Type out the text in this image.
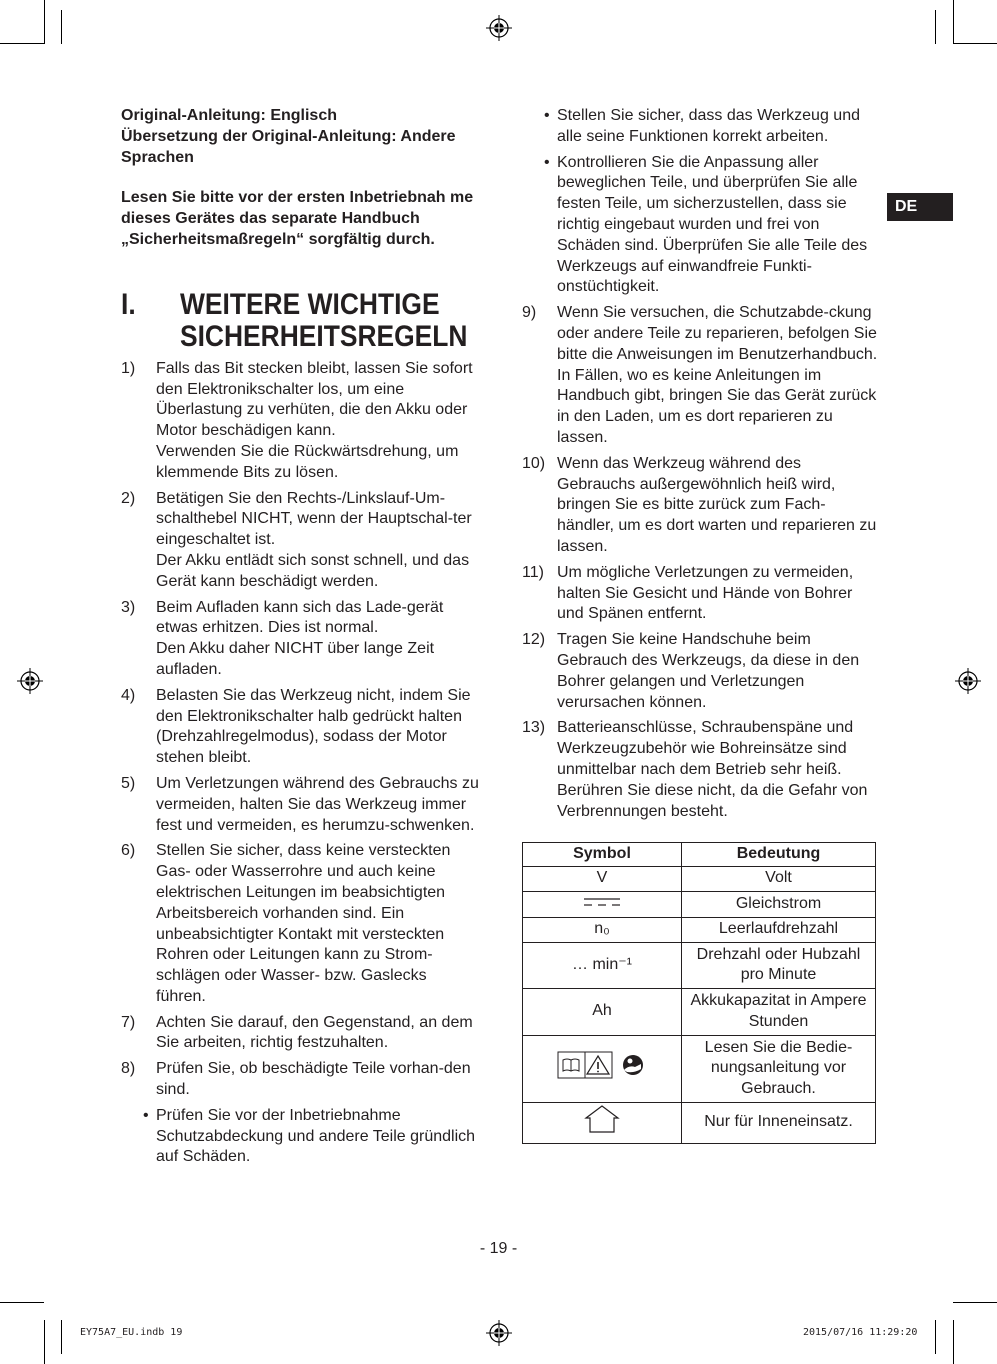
DE

Original-Anleitung: Englisch

Übersetzung der Original-Anleitung: Andere Sprachen

Lesen Sie bitte vor der ersten Inbetriebnah me dieses Gerätes das separate Handbuch „Sicherheitsmaßregeln“ sorgfältig durch.

I.	WEITERE WICHTIGE
SICHERHEITSREGELN
1)	Falls das Bit stecken bleibt, lassen Sie sofort den Elektronikschalter los, um eine Überlastung zu verhüten, die den Akku oder Motor beschädigen kann.
Verwenden Sie die Rückwärtsdrehung, um klemmende Bits zu lösen.
2)	Betätigen Sie den Rechts-/Linkslauf-Um-schalthebel NICHT, wenn der Hauptschal-ter eingeschaltet ist.
Der Akku entlädt sich sonst schnell, und das Gerät kann beschädigt werden.
3)	Beim Aufladen kann sich das Lade-gerät etwas erhitzen. Dies ist normal.
Den Akku daher NICHT über lange Zeit aufladen.
4)	Belasten Sie das Werkzeug nicht, indem Sie den Elektronikschalter halb gedrückt halten (Drehzahlregelmodus), sodass der Motor stehen bleibt.
5)	Um Verletzungen während des Gebrauchs zu vermeiden, halten Sie das Werkzeug immer fest und vermeiden, es herumzu-schwenken.
6)	Stellen Sie sicher, dass keine versteckten Gas- oder Wasserrohre und auch keine elektrischen Leitungen im beabsichtigten Arbeitsbereich vorhanden sind. Ein unbeabsichtigter Kontakt mit versteckten Rohren oder Leitungen kann zu Strom-schlägen oder Wasser- bzw. Gaslecks führen.
7)	Achten Sie darauf, den Gegenstand, an dem Sie arbeiten, richtig festzuhalten.
8)	Prüfen Sie, ob beschädigte Teile vorhan-den sind.
• Prüfen Sie vor der Inbetriebnahme Schutzabdeckung und andere Teile gründlich auf Schäden.
• Stellen Sie sicher, dass das Werkzeug und alle seine Funktionen korrekt arbeiten.
• Kontrollieren Sie die Anpassung aller beweglichen Teile, und überprüfen Sie alle festen Teile, um sicherzustellen, dass sie richtig eingebaut wurden und frei von Schäden sind. Überprüfen Sie alle Teile des Werkzeugs auf einwandfreie Funkti-onstüchtigkeit.
9)	Wenn Sie versuchen, die Schutzabde-ckung oder andere Teile zu reparieren, befolgen Sie bitte die Anweisungen im Benutzerhandbuch. In Fällen, wo es keine Anleitungen im Handbuch gibt, bringen Sie das Gerät zurück in den Laden, um es dort reparieren zu lassen.
10) Wenn das Werkzeug während des Gebrauchs außergewöhnlich heiß wird, bringen Sie es bitte zurück zum Fach-händler, um es dort warten und reparieren zu lassen.
11) Um mögliche Verletzungen zu vermeiden, halten Sie Gesicht und Hände von Bohrer und Spänen entfernt.
12) Tragen Sie keine Handschuhe beim Gebrauch des Werkzeugs, da diese in den Bohrer gelangen und Verletzungen verursachen können.
13) Batterieanschlüsse, Schraubenspäne und Werkzeugzubehör wie Bohreinsätze sind unmittelbar nach dem Betrieb sehr heiß. Berühren Sie diese nicht, da die Gefahr von Verbrennungen besteht.
Symbol	Bedeutung
V	Volt
	Gleichstrom
n₀	Leerlaufdrehzahl
… min⁻¹	Drehzahl oder Hubzahl pro Minute
Ah	Akkukapazitat in Ampere Stunden
	Lesen Sie die Bedie-nungsanleitung vor Gebrauch.
	Nur für Inneneinsatz.
- 19 -
EY75A7_EU.indb 19	2015/07/16 11:29:20
